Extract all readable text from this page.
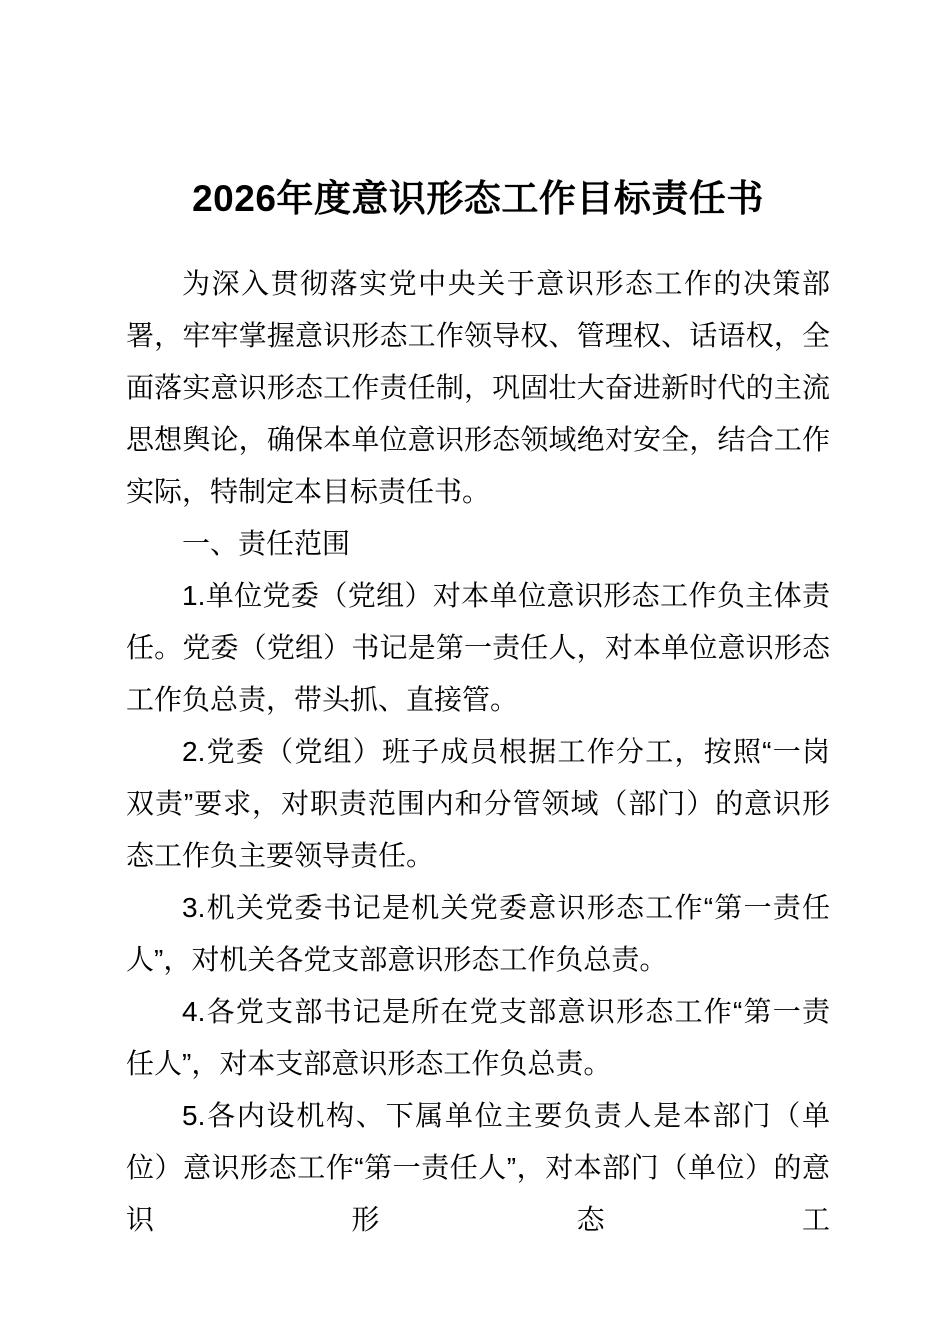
2026年度意识形态工作目标责任书

为深入贯彻落实党中央关于意识形态工作的决策部署，牢牢掌握意识形态工作领导权、管理权、话语权，全面落实意识形态工作责任制，巩固壮大奋进新时代的主流思想舆论，确保本单位意识形态领域绝对安全，结合工作实际，特制定本目标责任书。

一、责任范围

1.单位党委（党组）对本单位意识形态工作负主体责任。党委（党组）书记是第一责任人，对本单位意识形态工作负总责，带头抓、直接管。

2.党委（党组）班子成员根据工作分工，按照“一岗双责”要求，对职责范围内和分管领域（部门）的意识形态工作负主要领导责任。

3.机关党委书记是机关党委意识形态工作“第一责任人”，对机关各党支部意识形态工作负总责。

4.各党支部书记是所在党支部意识形态工作“第一责任人”，对本支部意识形态工作负总责。

5.各内设机构、下属单位主要负责人是本部门（单位）意识形态工作“第一责任人”，对本部门（单位）的意识形态工
